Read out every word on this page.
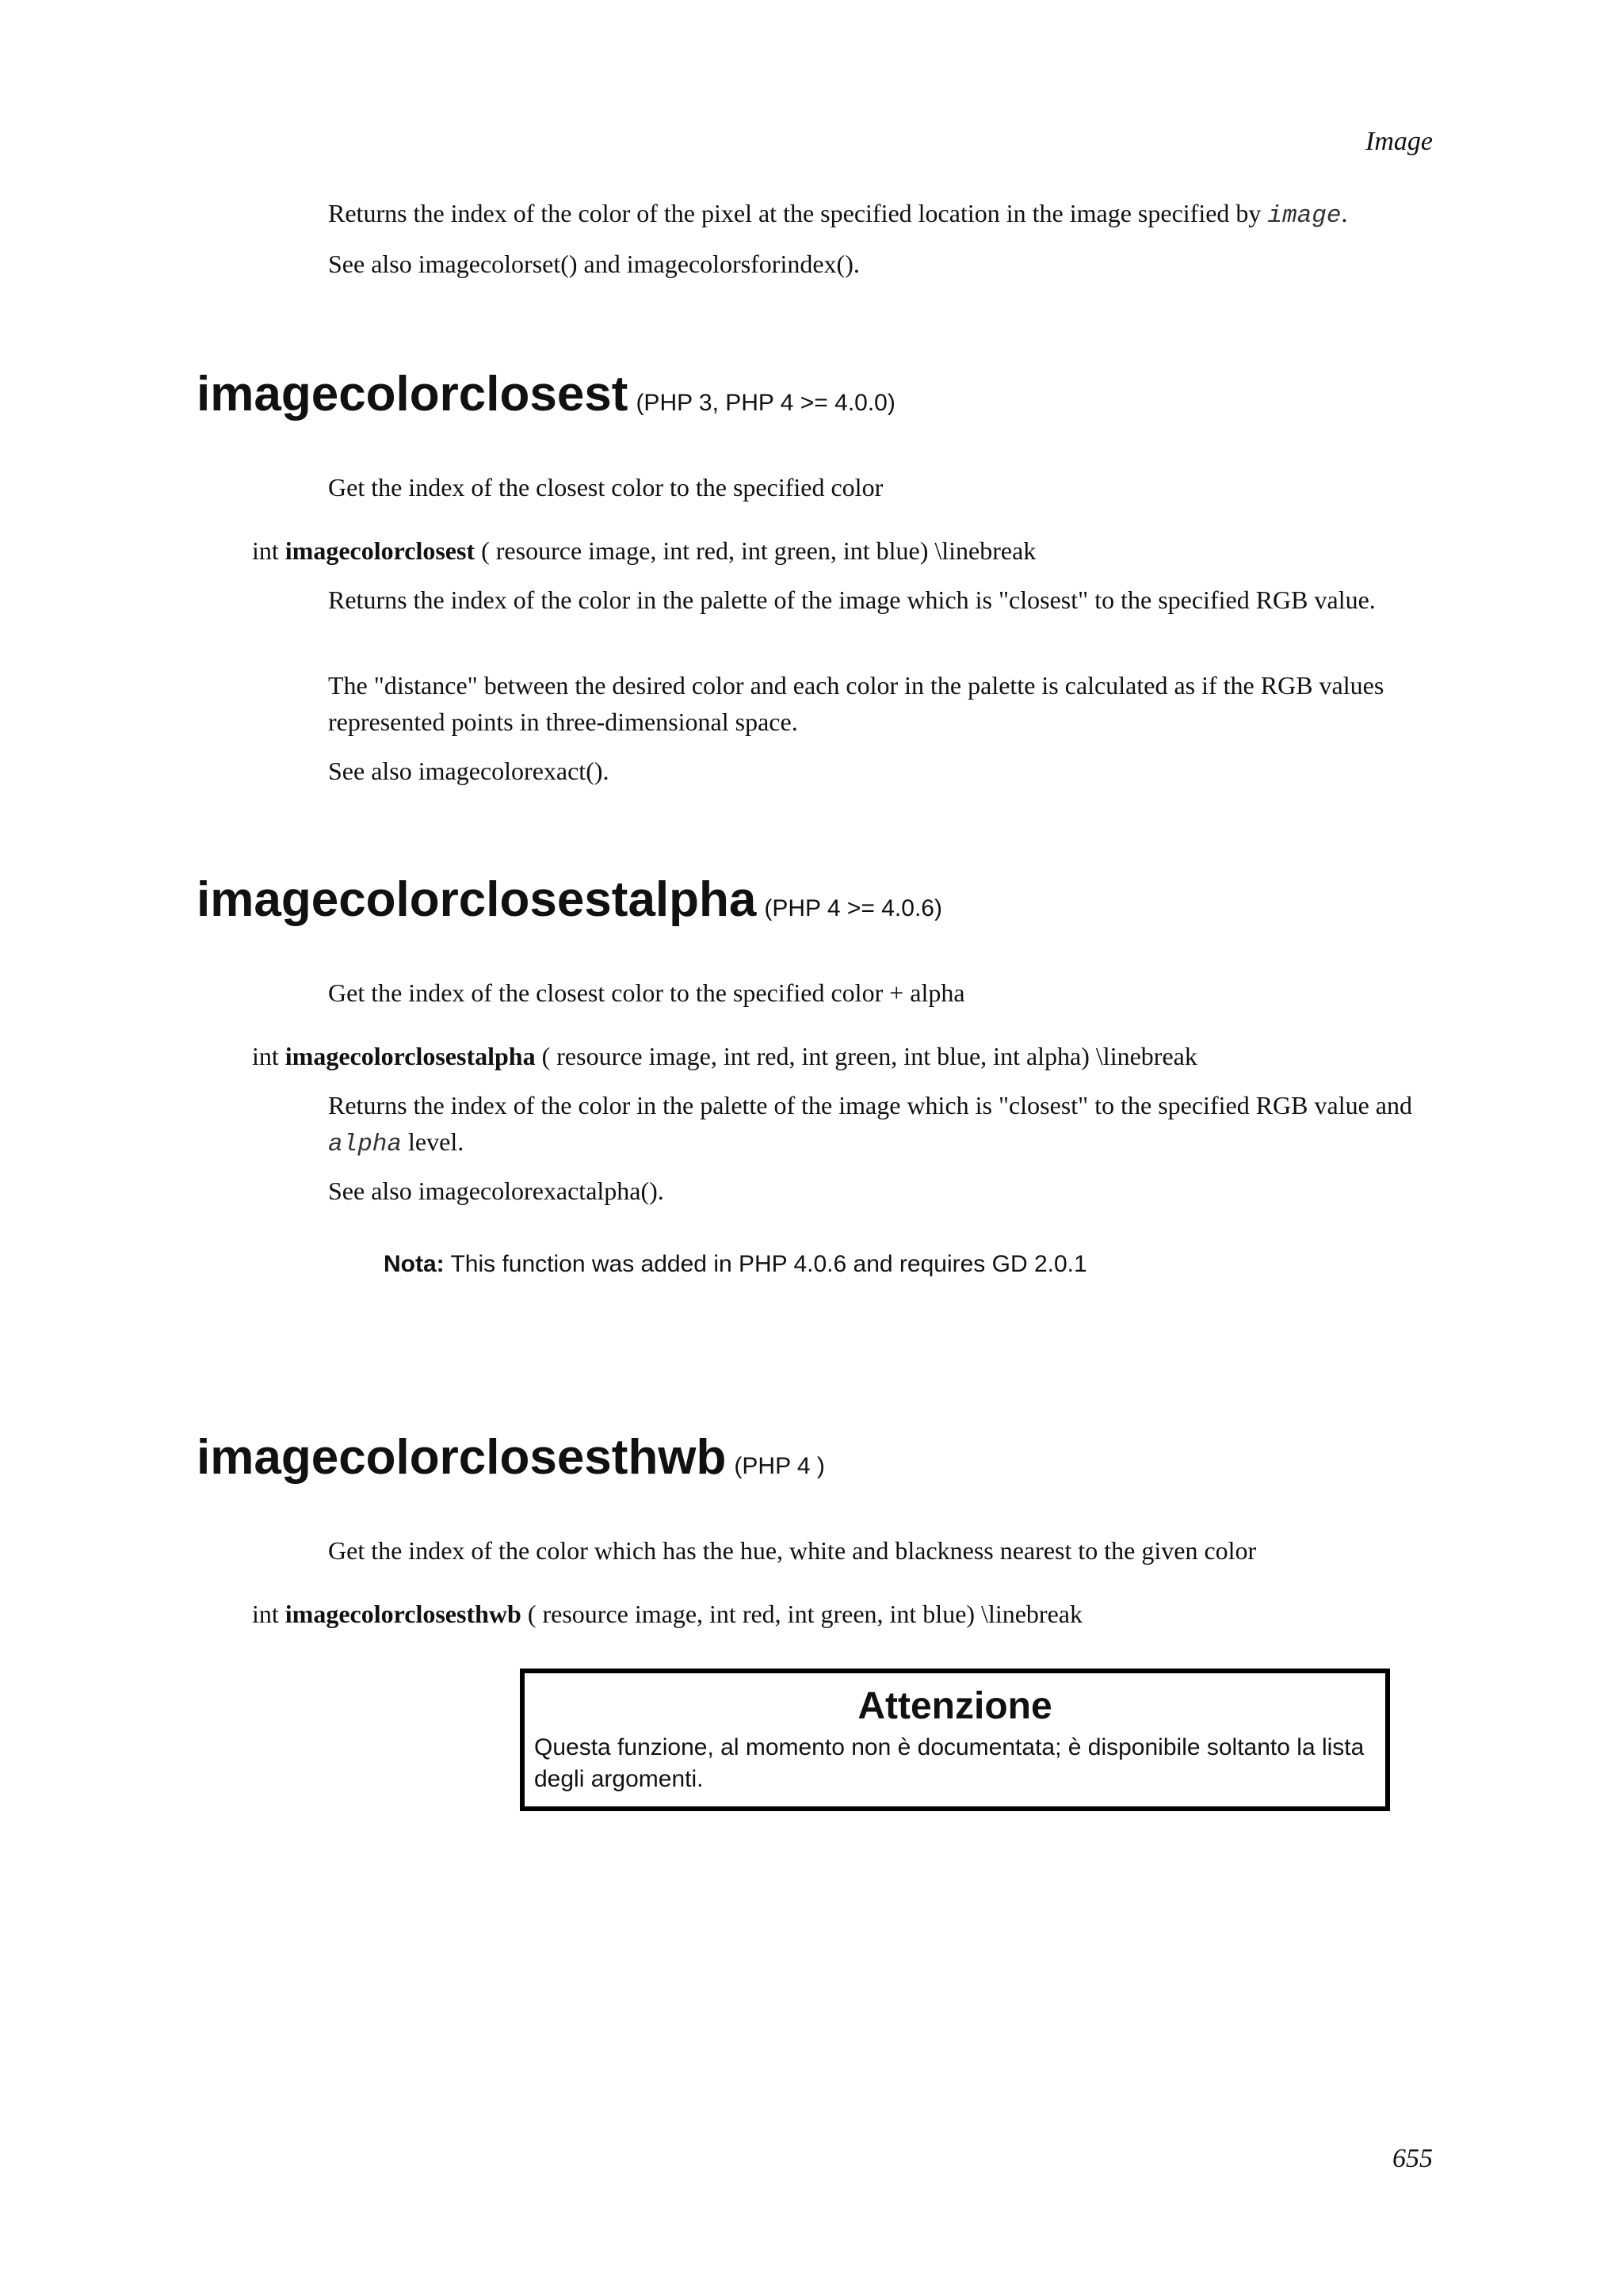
Image
Returns the index of the color of the pixel at the specified location in the image specified by image.
See also imagecolorset() and imagecolorsforindex().
imagecolorclosest (PHP 3, PHP 4 >= 4.0.0)
Get the index of the closest color to the specified color
int imagecolorclosest ( resource image, int red, int green, int blue) \linebreak
Returns the index of the color in the palette of the image which is "closest" to the specified RGB value.
The "distance" between the desired color and each color in the palette is calculated as if the RGB values represented points in three-dimensional space.
See also imagecolorexact().
imagecolorclosestalpha (PHP 4 >= 4.0.6)
Get the index of the closest color to the specified color + alpha
int imagecolorclosestalpha ( resource image, int red, int green, int blue, int alpha) \linebreak
Returns the index of the color in the palette of the image which is "closest" to the specified RGB value and alpha level.
See also imagecolorexactalpha().
Nota: This function was added in PHP 4.0.6 and requires GD 2.0.1
imagecolorclosesthwb (PHP 4 )
Get the index of the color which has the hue, white and blackness nearest to the given color
int imagecolorclosesthwb ( resource image, int red, int green, int blue) \linebreak
Attenzione
Questa funzione, al momento non è documentata; è disponibile soltanto la lista degli argomenti.
655
